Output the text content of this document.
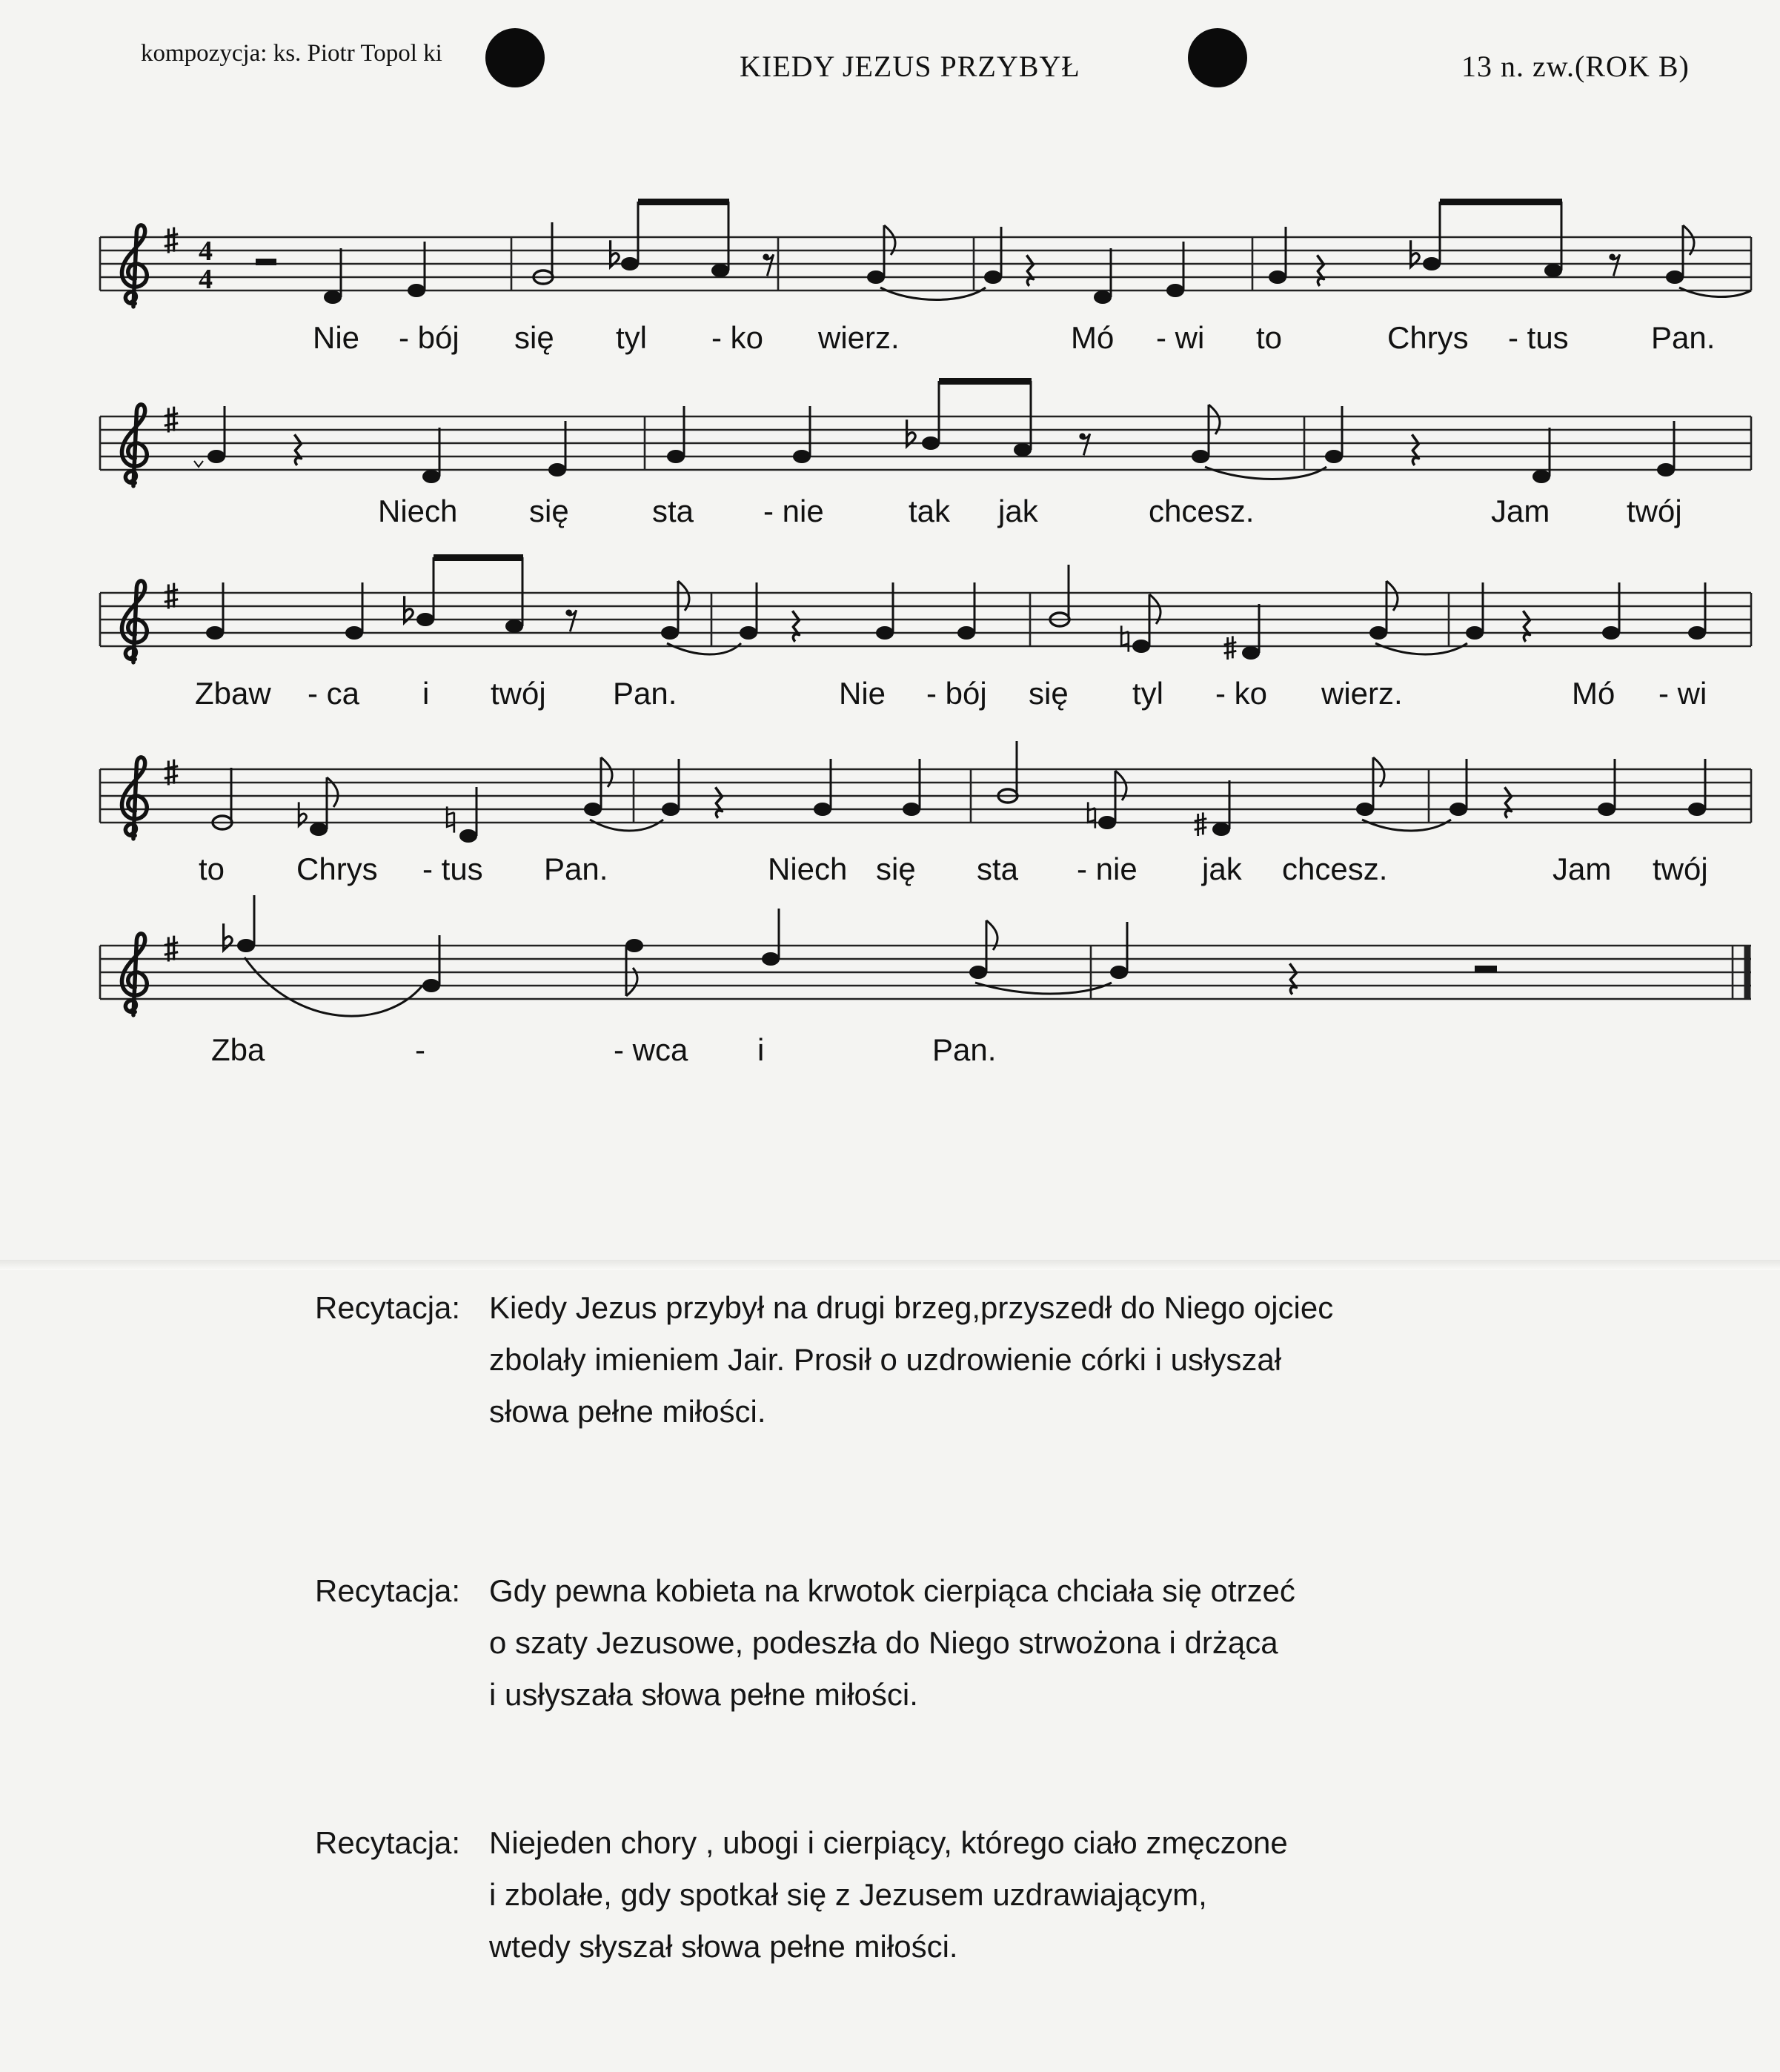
kompozycja: ks. Piotr Topol ki	KIEDY JEZUS PRZYBYŁ	13 n. zw.(ROK B)
4
4
Nie - bój się tyl - ko wierz.	Mó - wi to	Chrys - tus	Pan.
Niech się	sta - nie	tak jak	chcesz.	Jam twój
Zbaw - ca i twój Pan.	Nie - bój się tyl - ko wierz.	Mó - wi
to Chrys - tus Pan.	Niech się sta - nie jak chcesz.	Jam twój
Zba	-	- wca i	Pan.
Recytacja: Kiedy Jezus przybył na drugi brzeg,przyszedł do Niego ojciec
zbolały imieniem Jair. Prosił o uzdrowienie córki i usłyszał
słowa pełne miłości.
Recytacja: Gdy pewna kobieta na krwotok cierpiąca chciała się otrzeć
o szaty Jezusowe, podeszła do Niego strwożona i drżąca
i usłyszała słowa pełne miłości.
Recytacja: Niejeden chory , ubogi i cierpiący, którego ciało zmęczone
i zbolałe, gdy spotkał się z Jezusem uzdrawiającym,
wtedy słyszał słowa pełne miłości.
